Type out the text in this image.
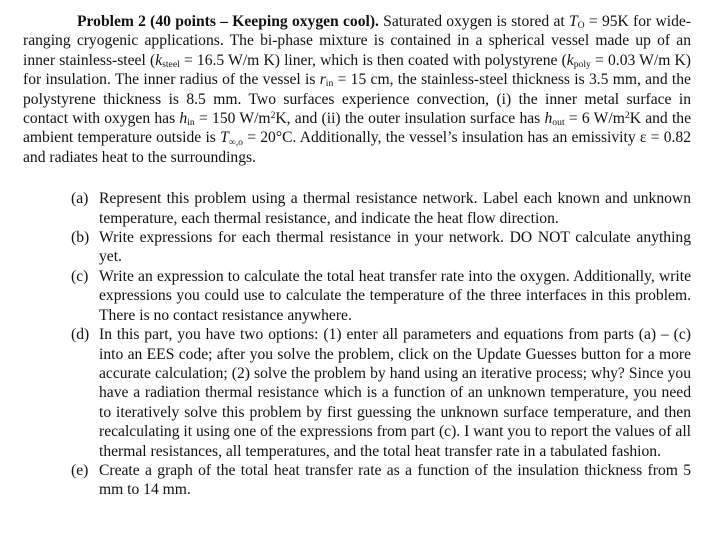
Problem 2 (40 points – Keeping oxygen cool). Saturated oxygen is stored at TO = 95K for wide-ranging cryogenic applications. The bi-phase mixture is contained in a spherical vessel made up of an inner stainless-steel (ksteel = 16.5 W/m K) liner, which is then coated with polystyrene (kpoly = 0.03 W/m K) for insulation. The inner radius of the vessel is rin = 15 cm, the stainless-steel thickness is 3.5 mm, and the polystyrene thickness is 8.5 mm. Two surfaces experience convection, (i) the inner metal surface in contact with oxygen has hin = 150 $W/m^2K$, and (ii) the outer insulation surface has hout = 6 $W/m^2K$ and the ambient temperature outside is T∞,o = 20°C. Additionally, the vessel’s insulation has an emissivity ε = 0.82 and radiates heat to the surroundings.

(a) Represent this problem using a thermal resistance network. Label each known and unknown temperature, each thermal resistance, and indicate the heat flow direction.
(b) Write expressions for each thermal resistance in your network. DO NOT calculate anything yet.
(c) Write an expression to calculate the total heat transfer rate into the oxygen. Additionally, write expressions you could use to calculate the temperature of the three interfaces in this problem. There is no contact resistance anywhere.
(d) In this part, you have two options: (1) enter all parameters and equations from parts (a) – (c) into an EES code; after you solve the problem, click on the Update Guesses button for a more accurate calculation; (2) solve the problem by hand using an iterative process; why? Since you have a radiation thermal resistance which is a function of an unknown temperature, you need to iteratively solve this problem by first guessing the unknown surface temperature, and then recalculating it using one of the expressions from part (c). I want you to report the values of all thermal resistances, all temperatures, and the total heat transfer rate in a tabulated fashion.
(e) Create a graph of the total heat transfer rate as a function of the insulation thickness from 5 mm to 14 mm.
